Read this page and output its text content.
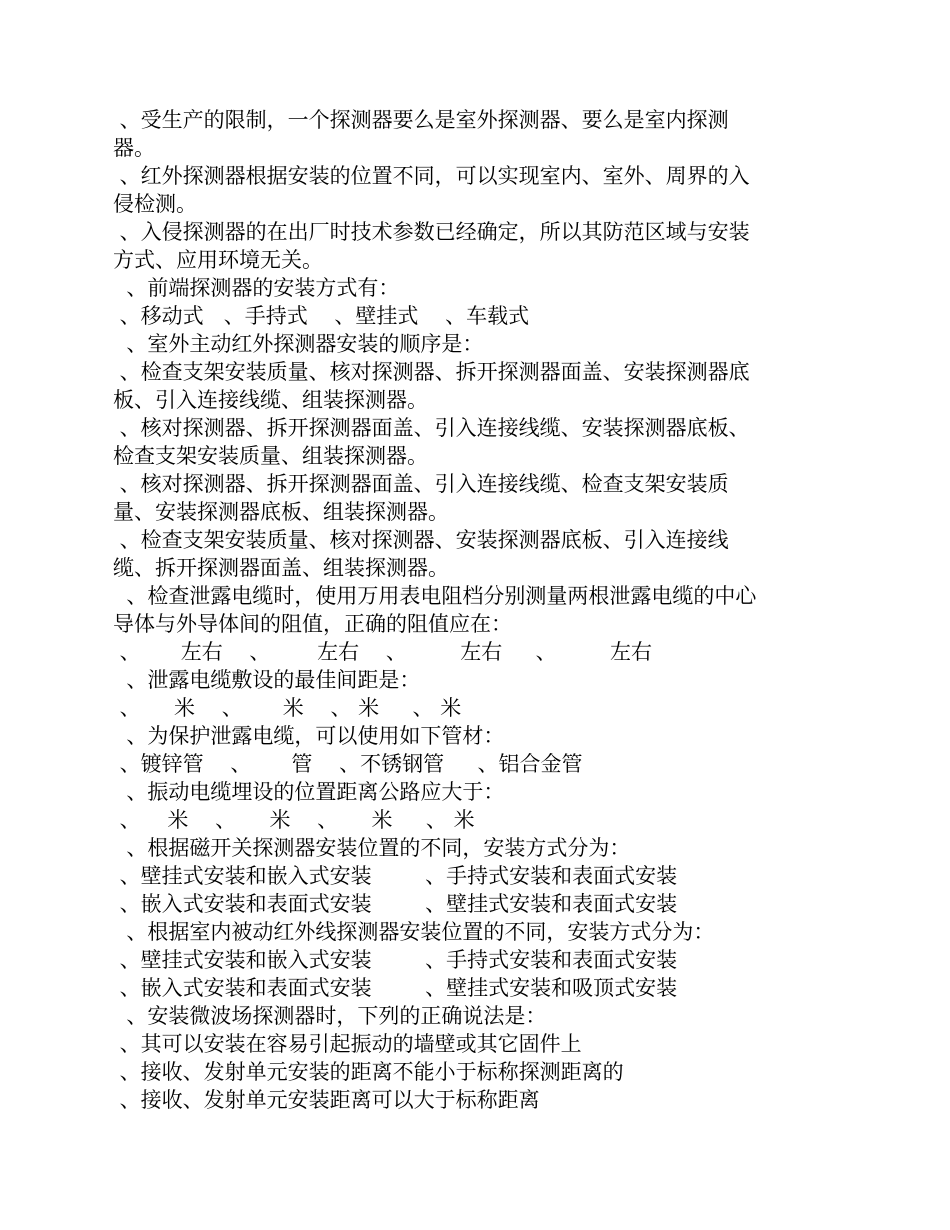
、受生产的限制，一个探测器要么是室外探测器、要么是室内探测
器。
、红外探测器根据安装的位置不同，可以实现室内、室外、周界的入
侵检测。
、入侵探测器的在出厂时技术参数已经确定，所以其防范区域与安装
方式、应用环境无关。
、前端探测器的安装方式有：
、移动式   、手持式    、壁挂式    、车载式
、室外主动红外探测器安装的顺序是：
、检查支架安装质量、核对探测器、拆开探测器面盖、安装探测器底
板、引入连接线缆、组装探测器。
、核对探测器、拆开探测器面盖、引入连接线缆、安装探测器底板、
检查支架安装质量、组装探测器。
、核对探测器、拆开探测器面盖、引入连接线缆、检查支架安装质
量、安装探测器底板、组装探测器。
、检查支架安装质量、核对探测器、安装探测器底板、引入连接线
缆、拆开探测器面盖、组装探测器。
、检查泄露电缆时，使用万用表电阻档分别测量两根泄露电缆的中心
导体与外导体间的阻值，正确的阻值应在：
、      左右    、       左右    、        左右     、        左右
、泄露电缆敷设的最佳间距是：
、     米    、      米    、 米     、 米
、为保护泄露电缆，可以使用如下管材：
、镀锌管    、      管    、不锈钢管     、铝合金管
、振动电缆埋设的位置距离公路应大于：
、    米    、     米    、     米     、 米
、根据磁开关探测器安装位置的不同，安装方式分为：
、壁挂式安装和嵌入式安装        、手持式安装和表面式安装
、嵌入式安装和表面式安装        、壁挂式安装和表面式安装
、根据室内被动红外线探测器安装位置的不同，安装方式分为：
、壁挂式安装和嵌入式安装        、手持式安装和表面式安装
、嵌入式安装和表面式安装        、壁挂式安装和吸顶式安装
、安装微波场探测器时，下列的正确说法是：
、其可以安装在容易引起振动的墙壁或其它固件上
、接收、发射单元安装的距离不能小于标称探测距离的
、接收、发射单元安装距离可以大于标称距离
